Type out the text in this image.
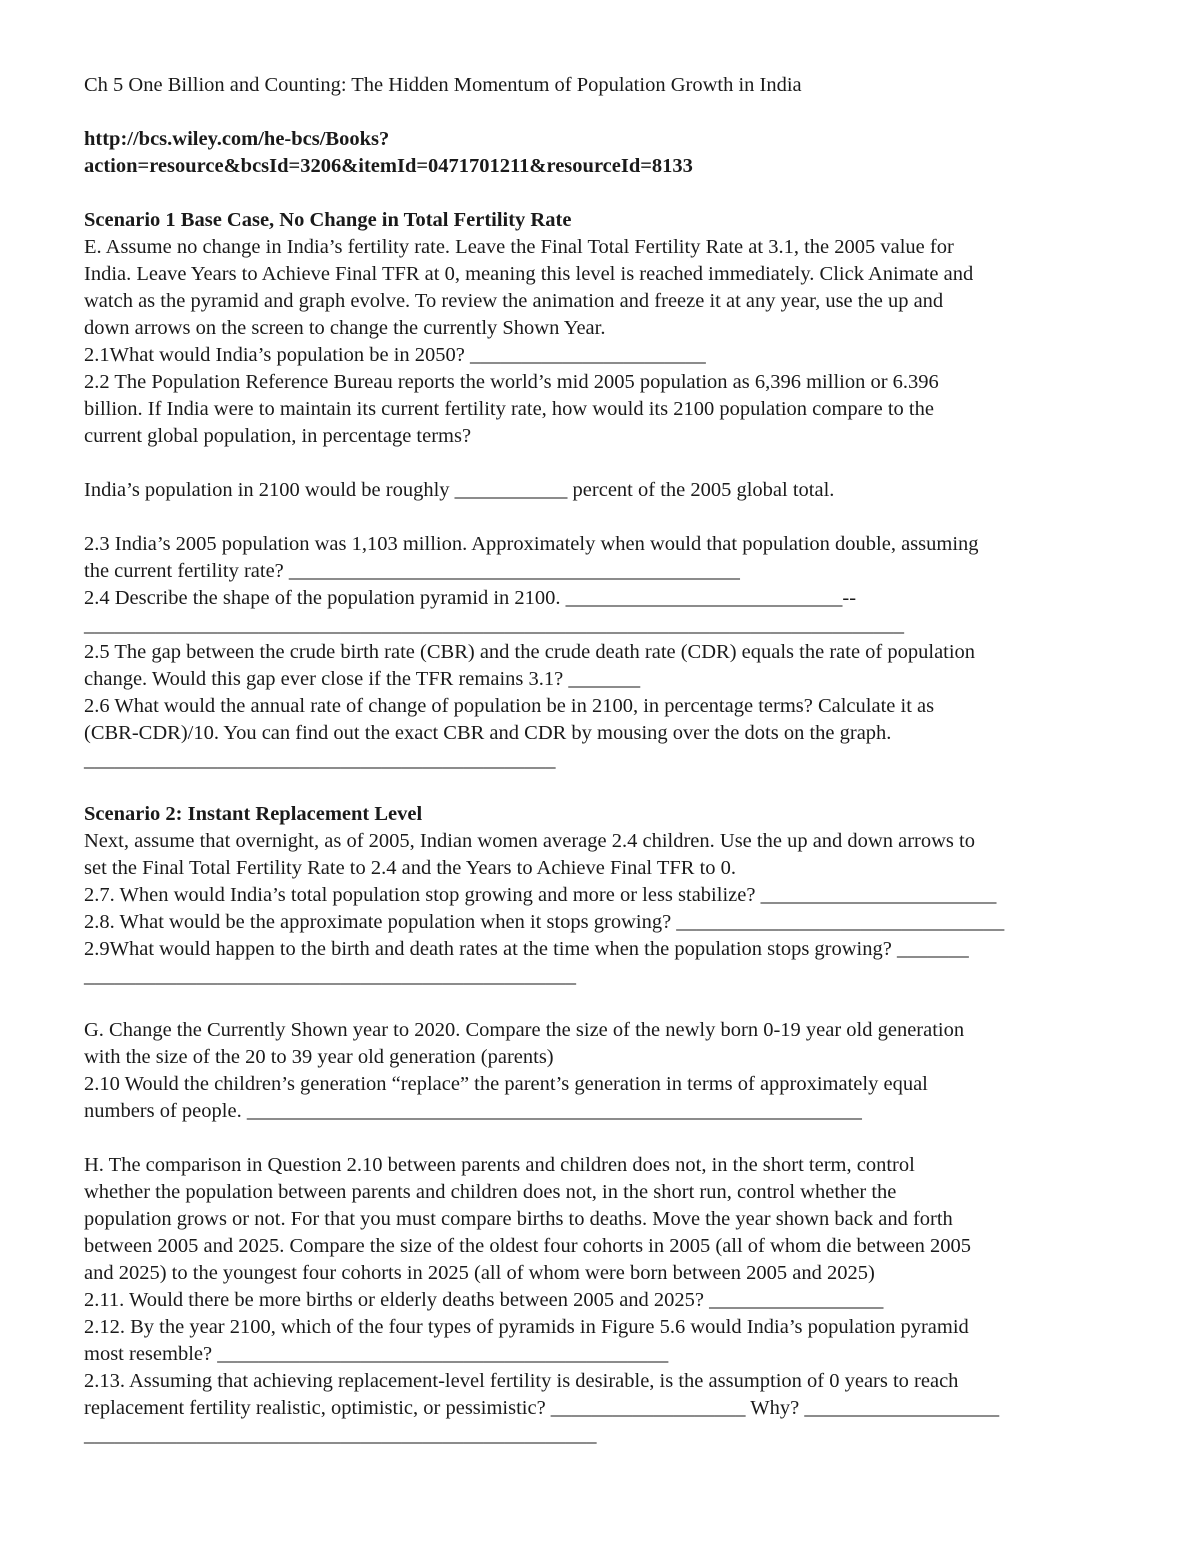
Ch 5 One Billion and Counting: The Hidden Momentum of Population Growth in India
http://bcs.wiley.com/he-bcs/Books?
action=resource&bcsId=3206&itemId=0471701211&resourceId=8133
Scenario 1 Base Case, No Change in Total Fertility Rate
E. Assume no change in India’s fertility rate. Leave the Final Total Fertility Rate at 3.1, the 2005 value for
India. Leave Years to Achieve Final TFR at 0, meaning this level is reached immediately. Click Animate and
watch as the pyramid and graph evolve. To review the animation and freeze it at any year, use the up and
down arrows on the screen to change the currently Shown Year.
2.1What would India’s population be in 2050? _______________________
2.2 The Population Reference Bureau reports the world’s mid 2005 population as 6,396 million or 6.396
billion. If India were to maintain its current fertility rate, how would its 2100 population compare to the
current global population, in percentage terms?
India’s population in 2100 would be roughly ___________ percent of the 2005 global total.
2.3 India’s 2005 population was 1,103 million. Approximately when would that population double, assuming
the current fertility rate? ____________________________________________
2.4 Describe the shape of the population pyramid in 2100. ___________________________--
________________________________________________________________________________
2.5 The gap between the crude birth rate (CBR) and the crude death rate (CDR) equals the rate of population
change. Would this gap ever close if the TFR remains 3.1? _______
2.6 What would the annual rate of change of population be in 2100, in percentage terms? Calculate it as
(CBR-CDR)/10. You can find out the exact CBR and CDR by mousing over the dots on the graph.
______________________________________________
Scenario 2: Instant Replacement Level
Next, assume that overnight, as of 2005, Indian women average 2.4 children. Use the up and down arrows to
set the Final Total Fertility Rate to 2.4 and the Years to Achieve Final TFR to 0.
2.7. When would India’s total population stop growing and more or less stabilize? _______________________
2.8. What would be the approximate population when it stops growing? ________________________________
2.9What would happen to the birth and death rates at the time when the population stops growing? _______
________________________________________________
G. Change the Currently Shown year to 2020. Compare the size of the newly born 0-19 year old generation
with the size of the 20 to 39 year old generation (parents)
2.10 Would the children’s generation “replace” the parent’s generation in terms of approximately equal
numbers of people. ____________________________________________________________
H. The comparison in Question 2.10 between parents and children does not, in the short term, control
whether the population between parents and children does not, in the short run, control whether the
population grows or not. For that you must compare births to deaths. Move the year shown back and forth
between 2005 and 2025. Compare the size of the oldest four cohorts in 2005 (all of whom die between 2005
and 2025) to the youngest four cohorts in 2025 (all of whom were born between 2005 and 2025)
2.11. Would there be more births or elderly deaths between 2005 and 2025? _________________
2.12. By the year 2100, which of the four types of pyramids in Figure 5.6 would India’s population pyramid
most resemble? ____________________________________________
2.13. Assuming that achieving replacement-level fertility is desirable, is the assumption of 0 years to reach
replacement fertility realistic, optimistic, or pessimistic? ___________________ Why? ___________________
__________________________________________________
